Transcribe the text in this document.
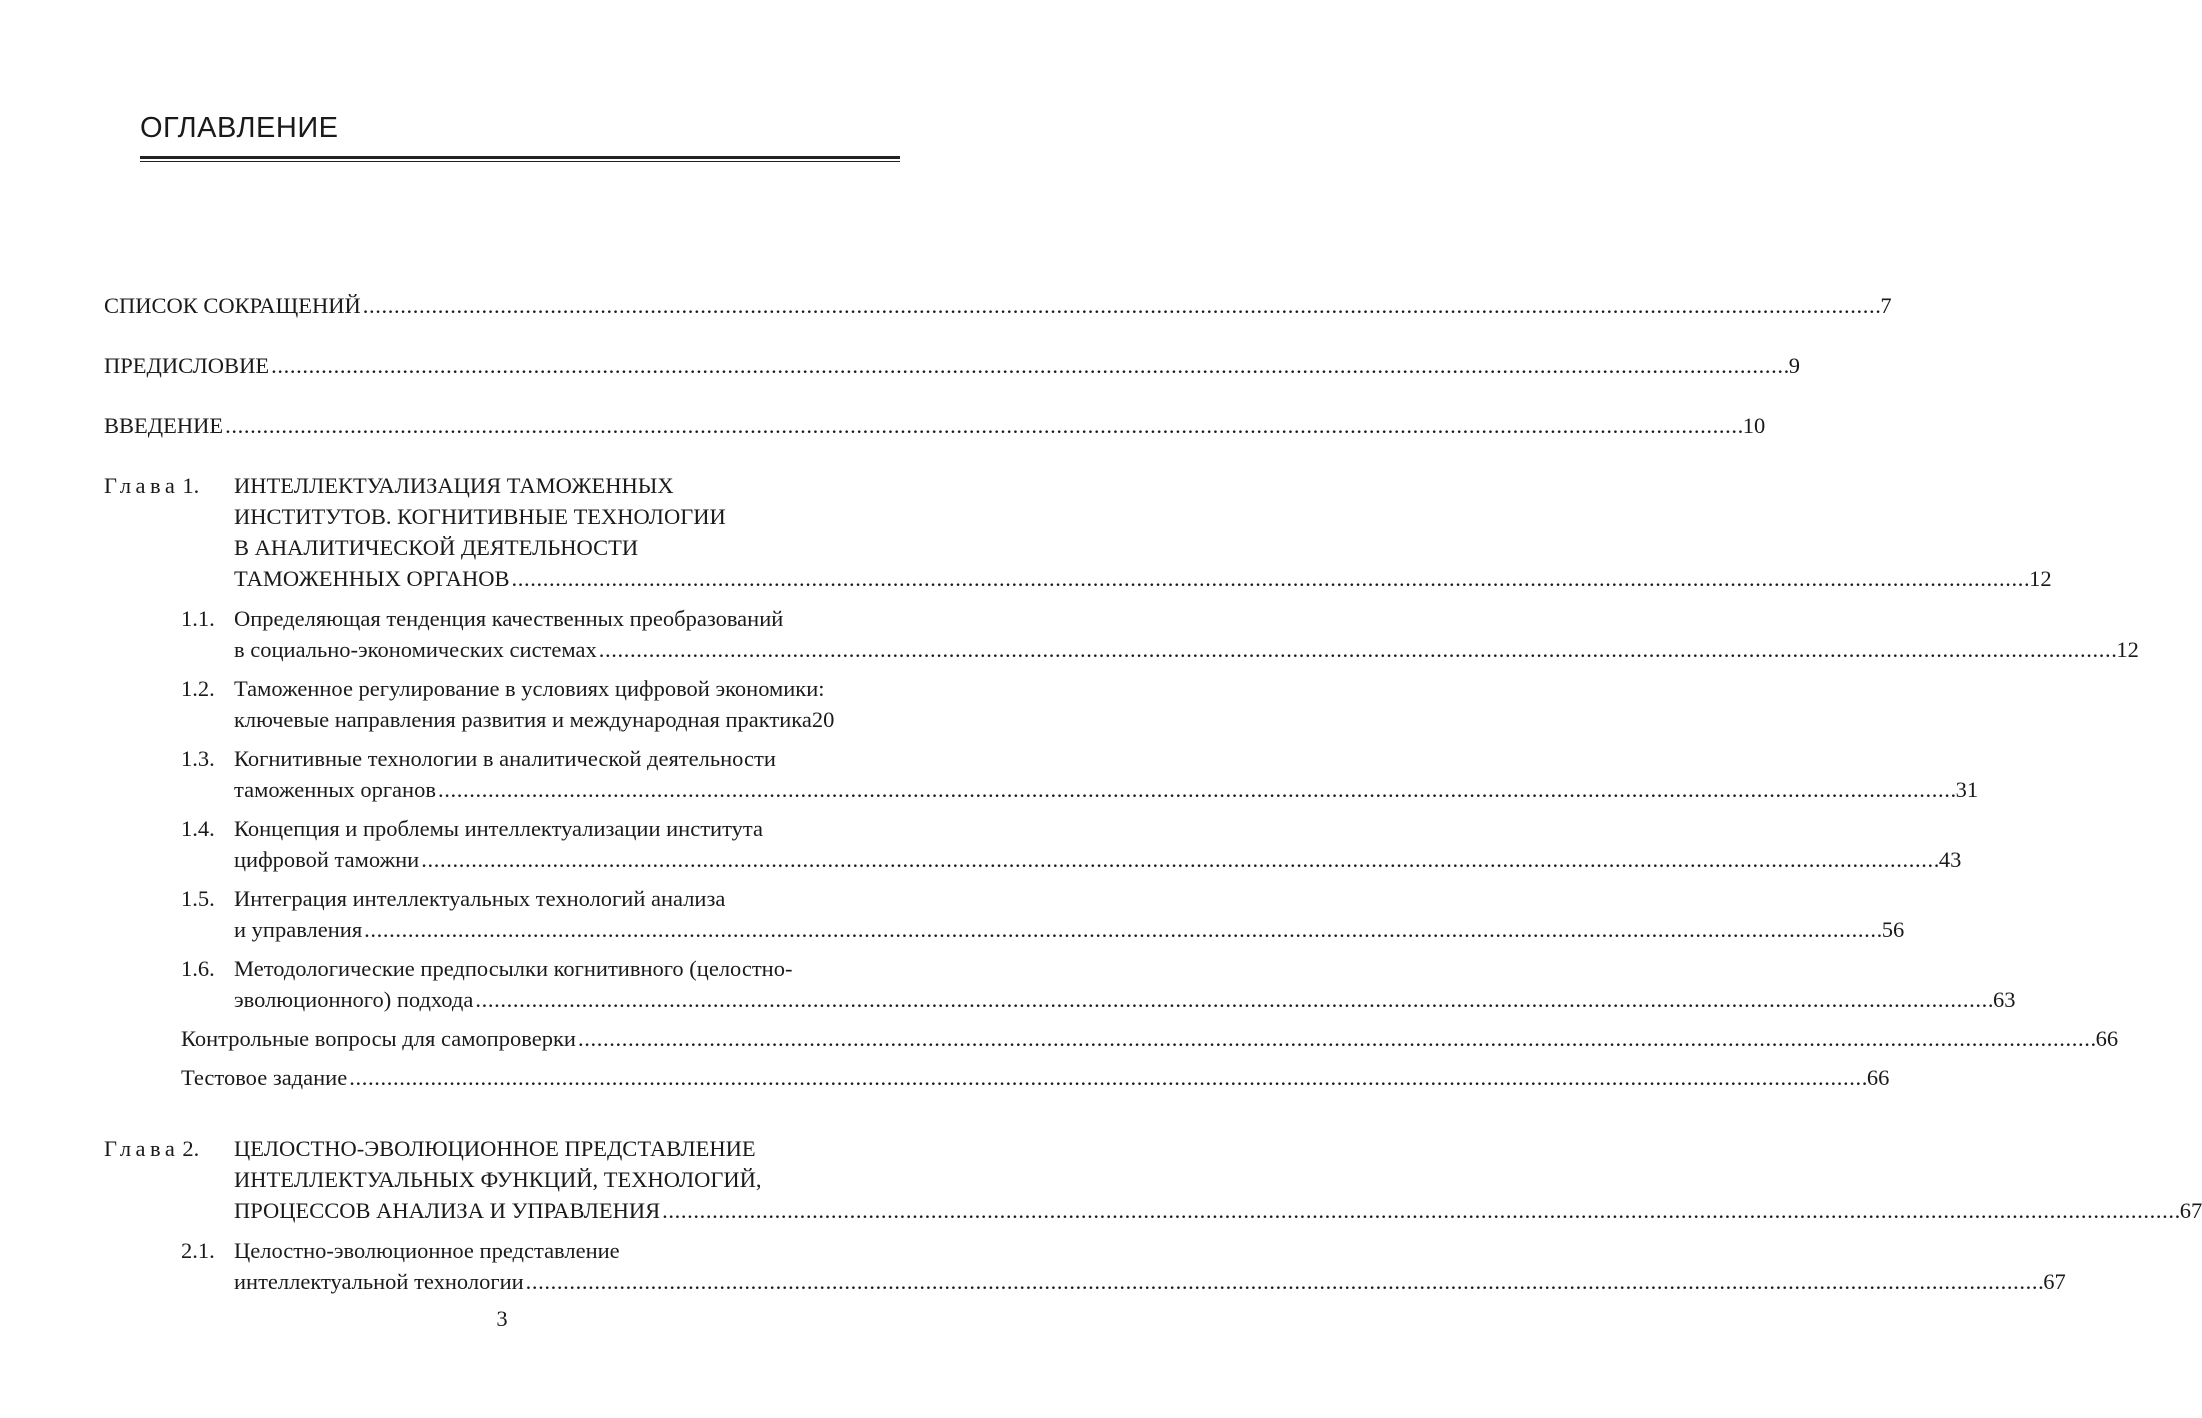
ОГЛАВЛЕНИЕ
СПИСОК СОКРАЩЕНИЙ . . .	7
ПРЕДИСЛОВИЕ . . .	9
ВВЕДЕНИЕ . . .	10
Глава 1.	ИНТЕЛЛЕКТУАЛИЗАЦИЯ ТАМОЖЕННЫХ
ИНСТИТУТОВ. КОГНИТИВНЫЕ ТЕХНОЛОГИИ
В АНАЛИТИЧЕСКОЙ ДЕЯТЕЛЬНОСТИ
ТАМОЖЕННЫХ ОРГАНОВ . . .	12
1.1. Определяющая тенденция качественных преобразований
в социально-экономических системах . . .	12
1.2. Таможенное регулирование в условиях цифровой экономики:
ключевые направления развития и международная практика 20
1.3. Когнитивные технологии в аналитической деятельности
таможенных органов . . .	31
1.4. Концепция и проблемы интеллектуализации института
цифровой таможни . . .	43
1.5. Интеграция интеллектуальных технологий анализа
и управления . . .	56
1.6. Методологические предпосылки когнитивного (целостно-
эволюционного) подхода . . .	63
Контрольные вопросы для самопроверки . . .	66
Тестовое задание . . .	66
Глава 2.	ЦЕЛОСТНО-ЭВОЛЮЦИОННОЕ ПРЕДСТАВЛЕНИЕ
ИНТЕЛЛЕКТУАЛЬНЫХ ФУНКЦИЙ, ТЕХНОЛОГИЙ,
ПРОЦЕССОВ АНАЛИЗА И УПРАВЛЕНИЯ . . .	67
2.1. Целостно-эволюционное представление
интеллектуальной технологии . . .	67
3
